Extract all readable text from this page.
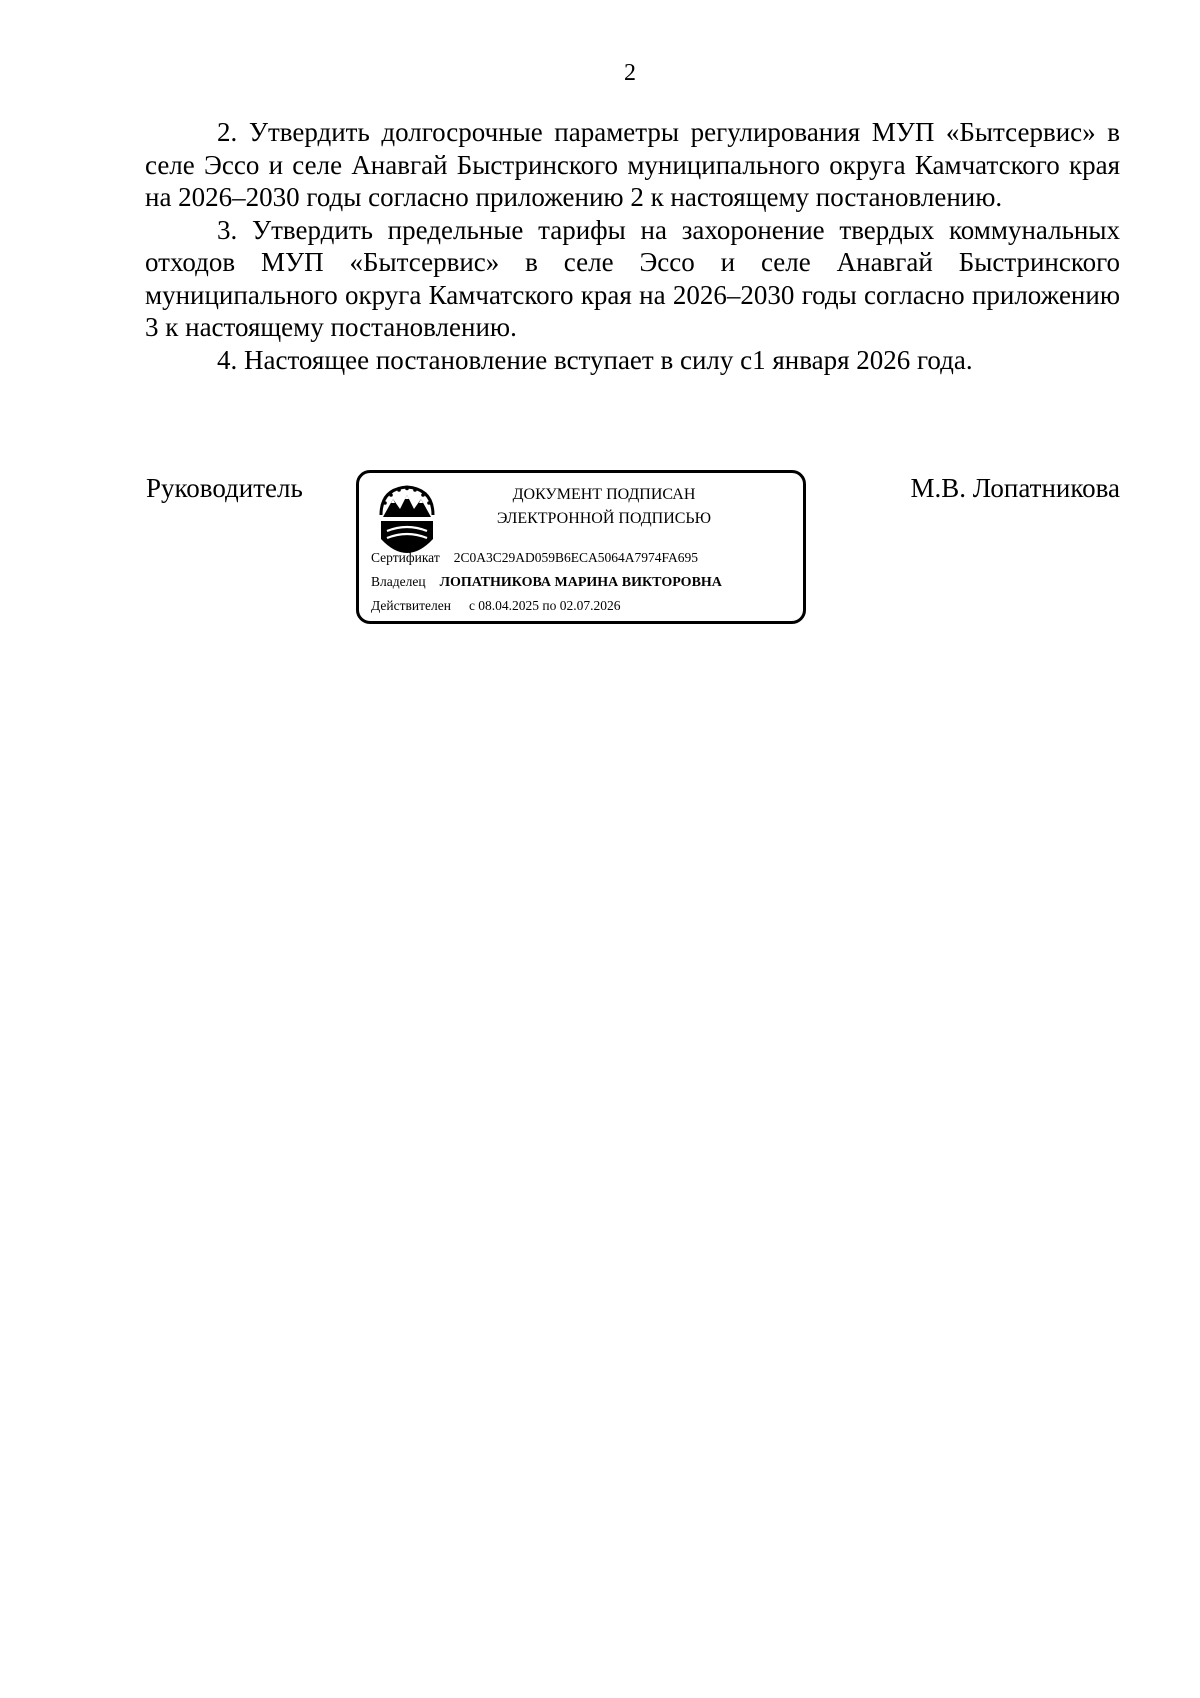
2

2. Утвердить долгосрочные параметры регулирования МУП «Бытсервис» в селе Эссо и селе Анавгай Быстринского муниципального округа Камчатского края на 2026–2030 годы согласно приложению 2 к настоящему постановлению.

3. Утвердить предельные тарифы на захоронение твердых коммунальных отходов МУП «Бытсервис» в селе Эссо и селе Анавгай Быстринского муниципального округа Камчатского края на 2026–2030 годы согласно приложению 3 к настоящему постановлению.

4. Настоящее постановление вступает в силу с1 января 2026 года.

Руководитель	ДОКУМЕНТ ПОДПИСАН
ЭЛЕКТРОННОЙ ПОДПИСЬЮ
Сертификат 2C0A3C29AD059B6ECA5064A7974FA695
Владелец ЛОПАТНИКОВА МАРИНА ВИКТОРОВНА
Действителен с 08.04.2025 по 02.07.2026
М.В. Лопатникова
